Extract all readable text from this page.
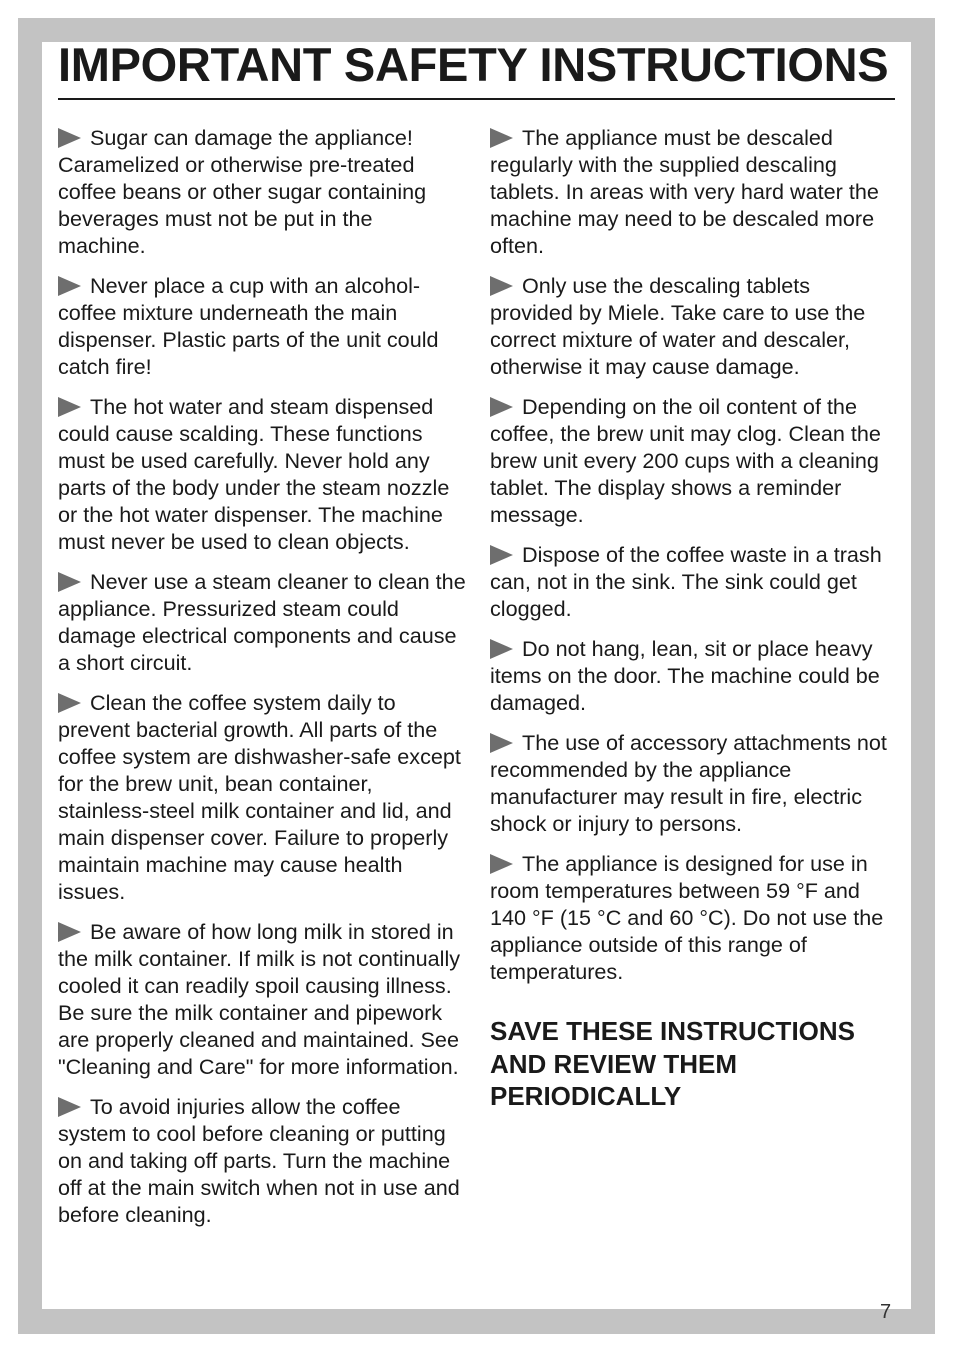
IMPORTANT SAFETY INSTRUCTIONS

Sugar can damage the appliance! Caramelized or otherwise pre-treated coffee beans or other sugar containing beverages must not be put in the machine.

Never place a cup with an alcohol-coffee mixture underneath the main dispenser. Plastic parts of the unit could catch fire!

The hot water and steam dispensed could cause scalding. These functions must be used carefully. Never hold any parts of the body under the steam nozzle or the hot water dispenser. The machine must never be used to clean objects.

Never use a steam cleaner to clean the appliance. Pressurized steam could damage electrical components and cause a short circuit.

Clean the coffee system daily to prevent bacterial growth. All parts of the coffee system are dishwasher-safe except for the brew unit, bean container, stainless-steel milk container and lid, and main dispenser cover. Failure to properly maintain machine may cause health issues.

Be aware of how long milk in stored in the milk container. If milk is not continually cooled it can readily spoil causing illness. Be sure the milk container and pipework are properly cleaned and maintained. See "Cleaning and Care" for more information.

To avoid injuries allow the coffee system to cool before cleaning or putting on and taking off parts. Turn the machine off at the main switch when not in use and before cleaning.

The appliance must be descaled regularly with the supplied descaling tablets. In areas with very hard water the machine may need to be descaled more often.

Only use the descaling tablets provided by Miele. Take care to use the correct mixture of water and descaler, otherwise it may cause damage.

Depending on the oil content of the coffee, the brew unit may clog. Clean the brew unit every 200 cups with a cleaning tablet. The display shows a reminder message.

Dispose of the coffee waste in a trash can, not in the sink. The sink could get clogged.

Do not hang, lean, sit or place heavy items on the door. The machine could be damaged.

The use of accessory attachments not recommended by the appliance manufacturer may result in fire, electric shock or injury to persons.

The appliance is designed for use in room temperatures between 59 °F and 140 °F (15 °C and 60 °C). Do not use the appliance outside of this range of temperatures.

SAVE THESE INSTRUCTIONS
AND REVIEW THEM
PERIODICALLY
7
